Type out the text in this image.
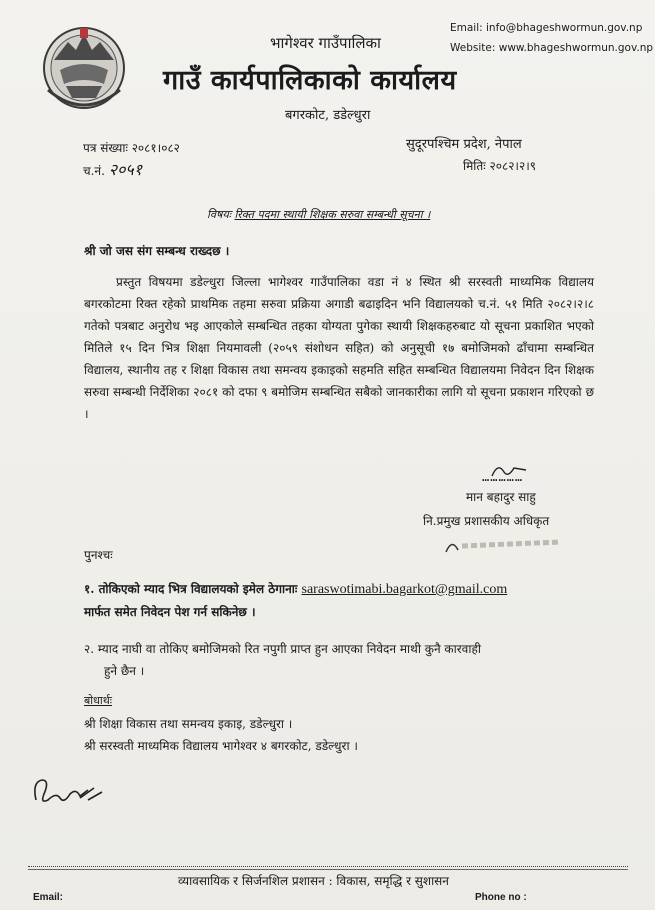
Email: info@bhageshwormun.gov.np
Website: www.bhageshwormun.gov.np
भागेश्वर गाउँपालिका
गाउँ कार्यपालिकाको कार्यालय
बगरकोट, डडेल्धुरा
पत्र संख्याः २०८१।०८२
च.नं. २०५१
सुदूरपश्चिम प्रदेश, नेपाल
मितिः २०८२।२।९
विषयः रिक्त पदमा स्थायी शिक्षक सरुवा सम्बन्धी सूचना ।
श्री जो जस संग सम्बन्ध राख्दछ ।
प्रस्तुत विषयमा डडेल्धुरा जिल्ला भागेश्वर गाउँपालिका वडा नं ४ स्थित श्री सरस्वती माध्यमिक विद्यालय बगरकोटमा रिक्त रहेको प्राथमिक तहमा सरुवा प्रक्रिया अगाडी बढाइदिन भनि विद्यालयको च.नं. ५१ मिति २०८२।२।८ गतेको पत्रबाट अनुरोध भइ आएकोले सम्बन्धित तहका योग्यता पुगेका स्थायी शिक्षकहरुबाट यो सूचना प्रकाशित भएको मितिले १५ दिन भित्र शिक्षा नियमावली (२०५९ संशोधन सहित) को अनुसूची १७ बमोजिमको ढाँचामा सम्बन्धित विद्यालय, स्थानीय तह र शिक्षा विकास तथा समन्वय इकाइको सहमति सहित सम्बन्धित विद्यालयमा निवेदन दिन शिक्षक सरुवा सम्बन्धी निर्देशिका २०८१ को दफा ९ बमोजिम सम्बन्धित सबैको जानकारीका लागि यो सूचना प्रकाशन गरिएको छ ।
……………
मान बहादुर साहु
नि.प्रमुख प्रशासकीय अधिकृत
पुनश्चः
१. तोकिएको म्याद भित्र विद्यालयको इमेल ठेगानाः saraswotimabi.bagarkot@gmail.com
मार्फत समेत निवेदन पेश गर्न सकिनेछ ।
२. म्याद नाघी वा तोकिए बमोजिमको रित नपुगी प्राप्त हुन आएका निवेदन माथी कुनै कारवाही
हुने छैन ।
बोधार्थः
श्री शिक्षा विकास तथा समन्वय इकाइ, डडेल्धुरा ।
श्री सरस्वती माध्यमिक विद्यालय भागेश्वर ४ बगरकोट, डडेल्धुरा ।
व्यावसायिक र सिर्जनशिल प्रशासन : विकास, समृद्धि र सुशासन
Email:	Phone no :
